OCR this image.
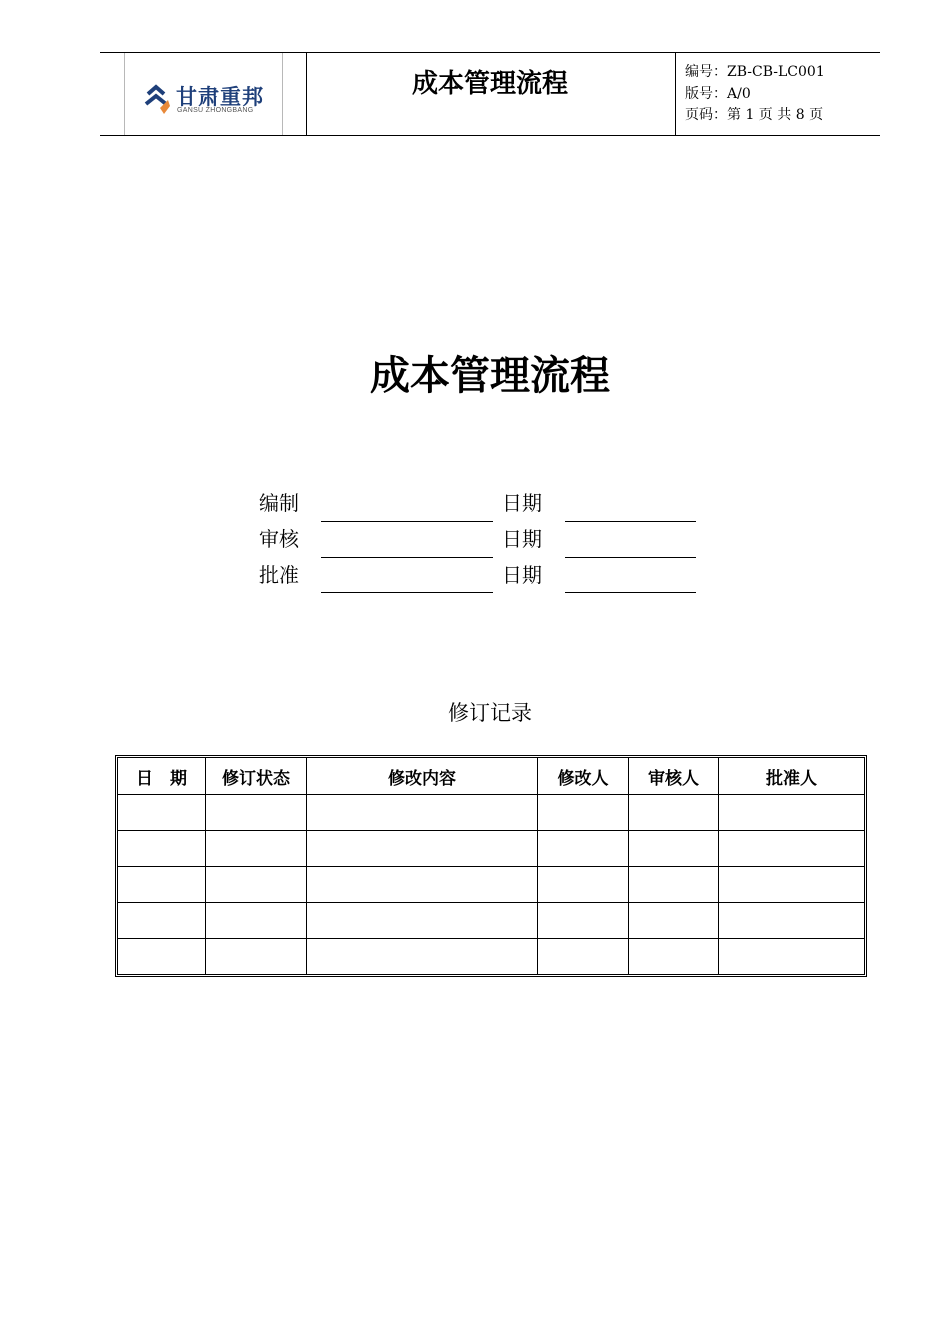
甘肃重邦
GANSU ZHONGBANG
成本管理流程	编号：ZB-CB-LC001
版号：A/0
页码：第 1 页 共 8 页
成本管理流程
编制	日期
审核	日期
批准	日期
修订记录
日　期	修订状态	修改内容	修改人	审核人	批准人
